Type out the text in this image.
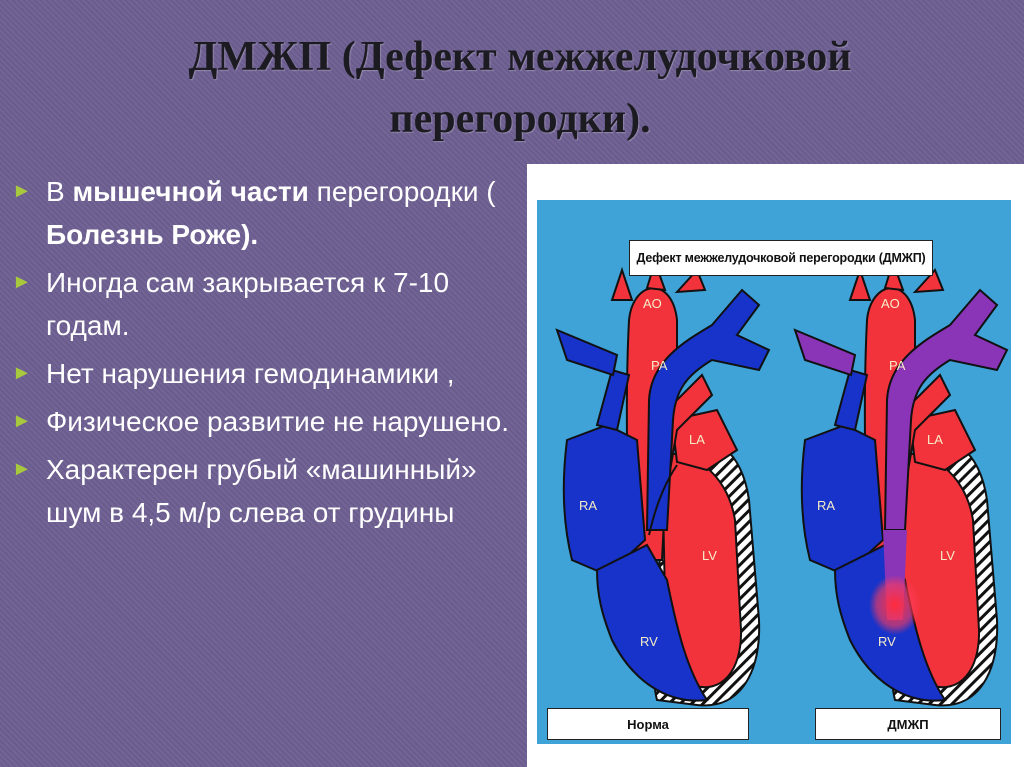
ДМЖП (Дефект межжелудочковой
перегородки).
► В мышечной части перегородки ( Болезнь Роже).
► Иногда сам закрывается к 7-10 годам.
► Нет нарушения гемодинамики ,
► Физическое развитие не нарушено.
► Характерен грубый «машинный» шум в 4,5 м/р слева от грудины
AO
PA
LA
RA
LV
RV
AO
PA
LA
RA
LV
RV
Дефект межжелудочковой перегородки (ДМЖП)
Норма	ДМЖП
